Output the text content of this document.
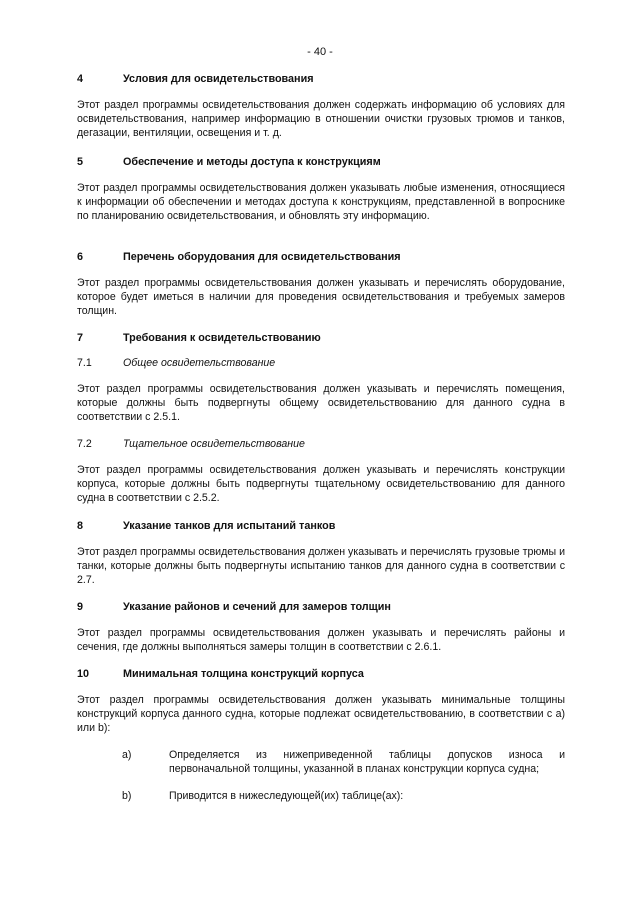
- 40 -
4	Условия для освидетельствования
Этот раздел программы освидетельствования должен содержать информацию об условиях для освидетельствования, например информацию в отношении очистки грузовых трюмов и танков, дегазации, вентиляции, освещения и т. д.
5	Обеспечение и методы доступа к конструкциям
Этот раздел программы освидетельствования должен указывать любые изменения, относящиеся к информации об обеспечении и методах доступа к конструкциям, представленной в вопроснике по планированию освидетельствования, и обновлять эту информацию.
6	Перечень оборудования для освидетельствования
Этот раздел программы освидетельствования должен указывать и перечислять оборудование, которое будет иметься в наличии для проведения освидетельствования и требуемых замеров толщин.
7	Требования к освидетельствованию
7.1	Общее освидетельствование
Этот раздел программы освидетельствования должен указывать и перечислять помещения, которые должны быть подвергнуты общему освидетельствованию для данного судна в соответствии с 2.5.1.
7.2	Тщательное освидетельствование
Этот раздел программы освидетельствования должен указывать и перечислять конструкции корпуса, которые должны быть подвергнуты тщательному освидетельствованию для данного судна в соответствии с 2.5.2.
8	Указание танков для испытаний танков
Этот раздел программы освидетельствования должен указывать и перечислять грузовые трюмы и танки, которые должны быть подвергнуты испытанию танков для данного судна в соответствии с 2.7.
9	Указание районов и сечений для замеров толщин
Этот раздел программы освидетельствования должен указывать и перечислять районы и сечения, где должны выполняться замеры толщин в соответствии с 2.6.1.
10	Минимальная толщина конструкций корпуса
Этот раздел программы освидетельствования должен указывать минимальные толщины конструкций корпуса данного судна, которые подлежат освидетельствованию, в соответствии с a) или b):
a)	Определяется из нижеприведенной таблицы допусков износа и первоначальной толщины, указанной в планах конструкции корпуса судна;
b)	Приводится в нижеследующей(их) таблице(ах):
